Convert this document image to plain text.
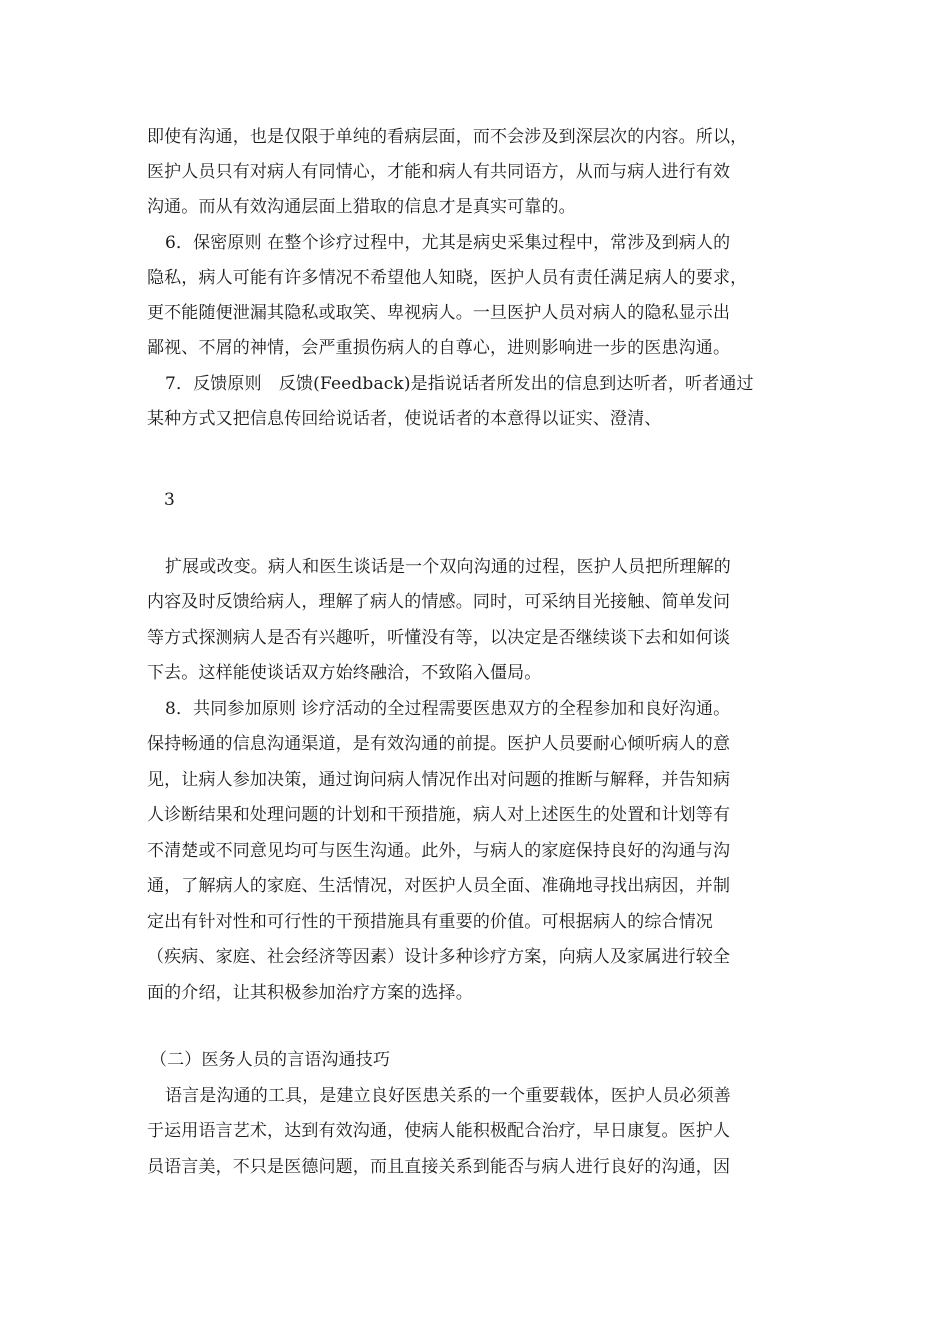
即使有沟通，也是仅限于单纯的看病层面，而不会涉及到深层次的内容。所以，
医护人员只有对病人有同情心，才能和病人有共同语方，从而与病人进行有效
沟通。而从有效沟通层面上猎取的信息才是真实可靠的。
6．保密原则 在整个诊疗过程中，尤其是病史采集过程中，常涉及到病人的
隐私，病人可能有许多情况不希望他人知晓，医护人员有责任满足病人的要求，
更不能随便泄漏其隐私或取笑、卑视病人。一旦医护人员对病人的隐私显示出
鄙视、不屑的神情，会严重损伤病人的自尊心，进则影响进一步的医患沟通。
7．反馈原则　反馈(Feedback)是指说话者所发出的信息到达听者，听者通过
某种方式又把信息传回给说话者，使说话者的本意得以证实、澄清、
3
扩展或改变。病人和医生谈话是一个双向沟通的过程，医护人员把所理解的
内容及时反馈给病人，理解了病人的情感。同时，可采纳目光接触、简单发问
等方式探测病人是否有兴趣听，听懂没有等，以决定是否继续谈下去和如何谈
下去。这样能使谈话双方始终融洽，不致陷入僵局。
8．共同参加原则 诊疗活动的全过程需要医患双方的全程参加和良好沟通。
保持畅通的信息沟通渠道，是有效沟通的前提。医护人员要耐心倾听病人的意
见，让病人参加决策，通过询问病人情况作出对问题的推断与解释，并告知病
人诊断结果和处理问题的计划和干预措施，病人对上述医生的处置和计划等有
不清楚或不同意见均可与医生沟通。此外，与病人的家庭保持良好的沟通与沟
通，了解病人的家庭、生活情况，对医护人员全面、准确地寻找出病因，并制
定出有针对性和可行性的干预措施具有重要的价值。可根据病人的综合情况
（疾病、家庭、社会经济等因素）设计多种诊疗方案，向病人及家属进行较全
面的介绍，让其积极参加治疗方案的选择。
（二）医务人员的言语沟通技巧
语言是沟通的工具，是建立良好医患关系的一个重要载体，医护人员必须善
于运用语言艺术，达到有效沟通，使病人能积极配合治疗，早日康复。医护人
员语言美，不只是医德问题，而且直接关系到能否与病人进行良好的沟通，因
